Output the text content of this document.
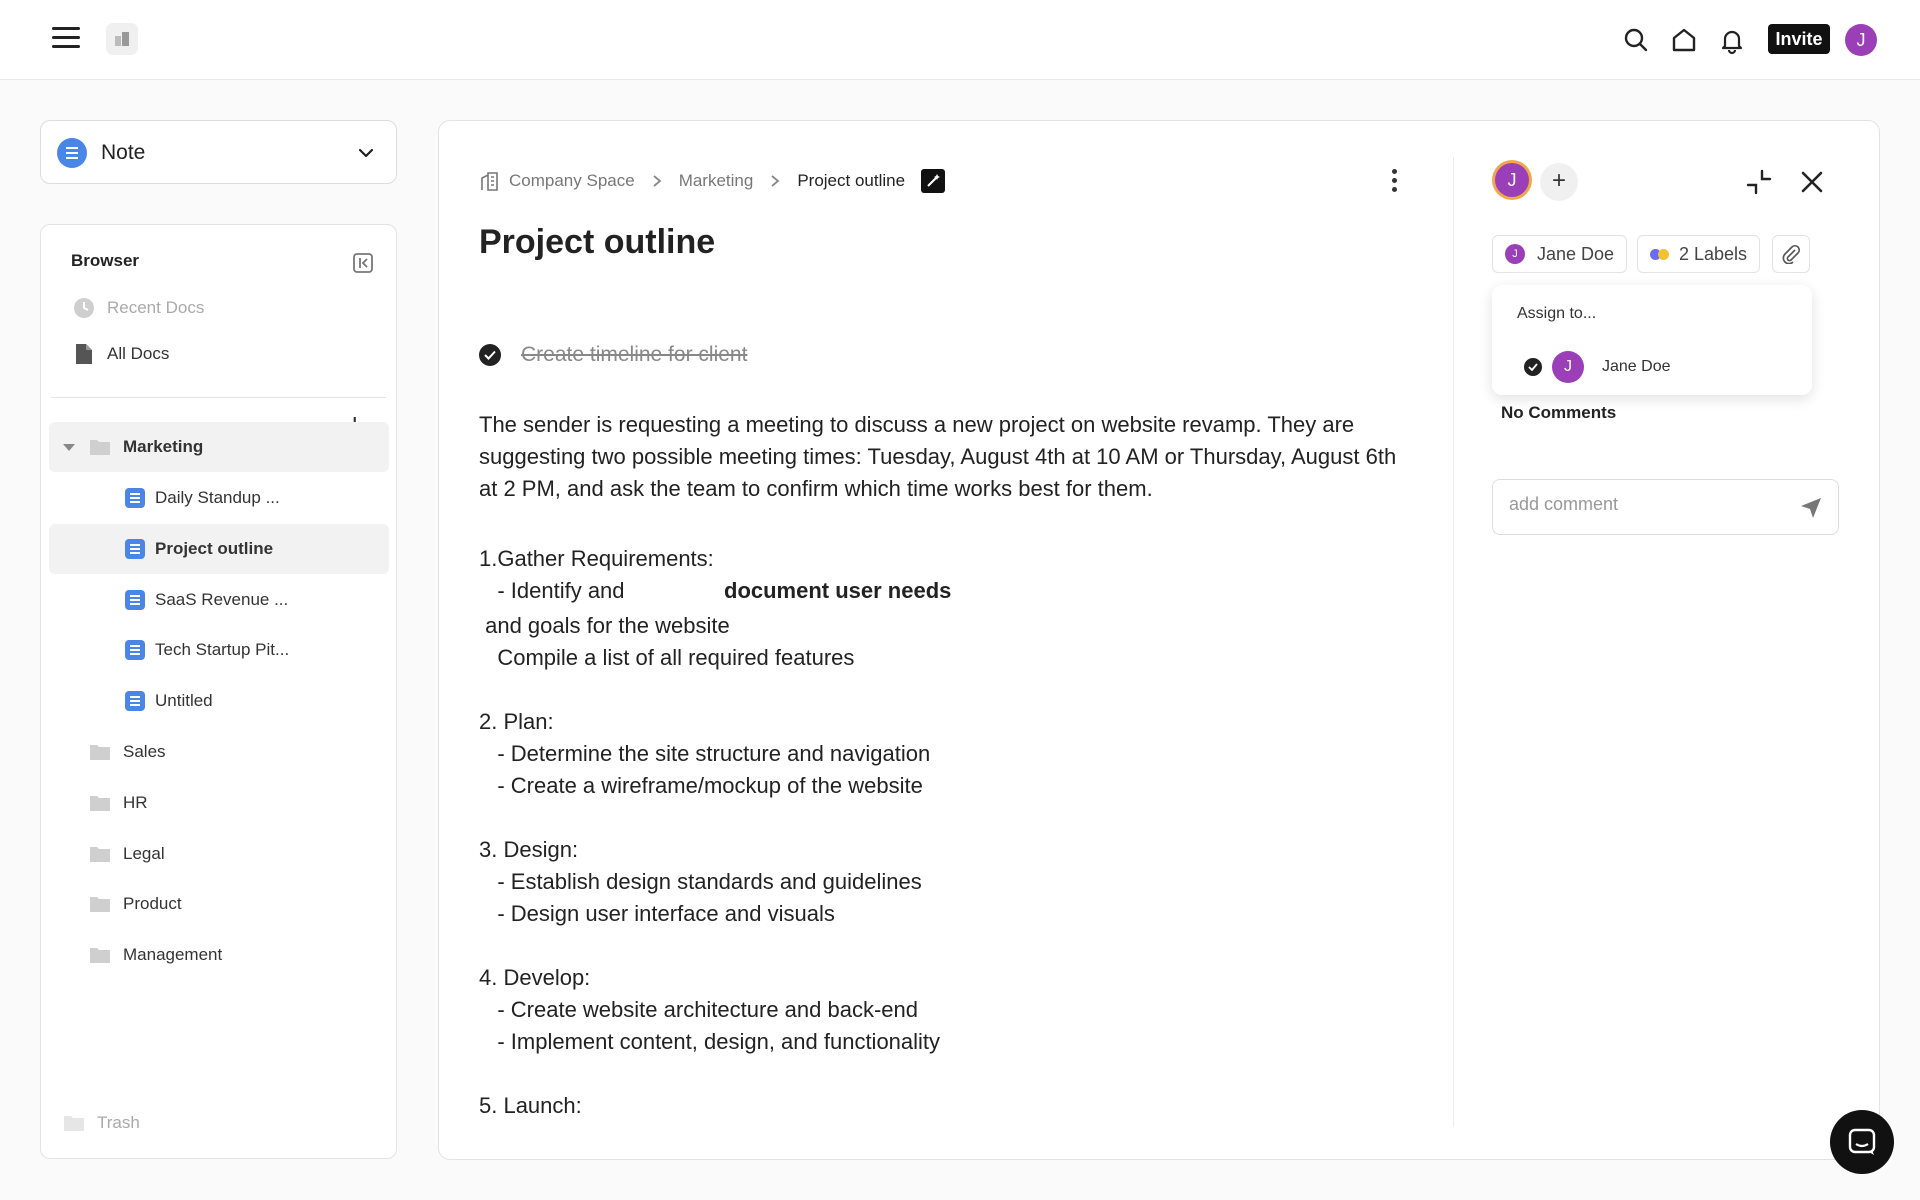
Invite	J
Note
Browser
Recent Docs
All Docs
Marketing
Daily Standup ...
Project outline
SaaS Revenue ...
Tech Startup Pit...
Untitled
Sales
HR
Legal
Product
Management
Trash
Company Space	Marketing	Project outline
Project outline
Create timeline for client
The sender is requesting a meeting to discuss a new project on website revamp. They are suggesting two possible meeting times: Tuesday, August 4th at 10 AM or Thursday, August 6th at 2 PM, and ask the team to confirm which time works best for them.
1.Gather Requirements:
- Identify and	document user needs
and goals for the website
Compile a list of all required features
2. Plan:
- Determine the site structure and navigation
- Create a wireframe/mockup of the website
3. Design:
- Establish design standards and guidelines
- Design user interface and visuals
4. Develop:
- Create website architecture and back-end
- Implement content, design, and functionality
5. Launch:
J	+
J	Jane Doe	2 Labels
Assign to...
J	Jane Doe
No Comments
add comment
